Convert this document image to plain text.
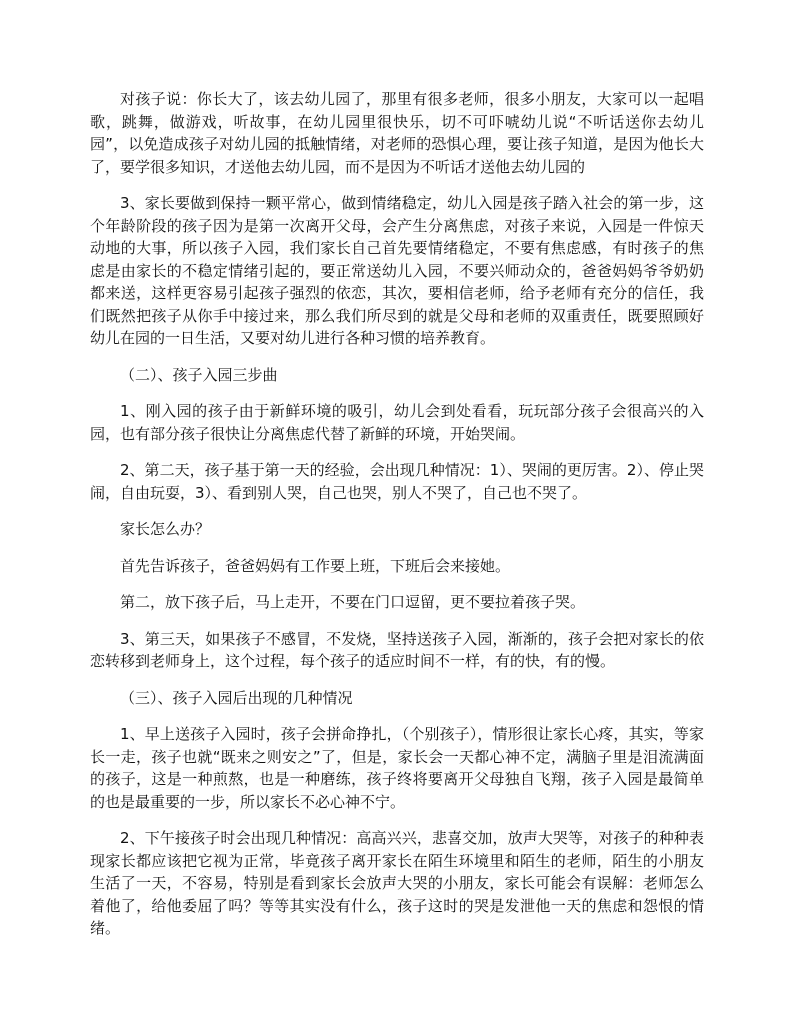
对孩子说：你长大了，该去幼儿园了，那里有很多老师，很多小朋友，大家可以一起唱歌，跳舞，做游戏，听故事，在幼儿园里很快乐，切不可吓唬幼儿说“不听话送你去幼儿园”，以免造成孩子对幼儿园的抵触情绪，对老师的恐惧心理，要让孩子知道，是因为他长大了，要学很多知识，才送他去幼儿园，而不是因为不听话才送他去幼儿园的

3、家长要做到保持一颗平常心，做到情绪稳定，幼儿入园是孩子踏入社会的第一步，这个年龄阶段的孩子因为是第一次离开父母，会产生分离焦虑，对孩子来说，入园是一件惊天动地的大事，所以孩子入园，我们家长自己首先要情绪稳定，不要有焦虑感，有时孩子的焦虑是由家长的不稳定情绪引起的，要正常送幼儿入园，不要兴师动众的，爸爸妈妈爷爷奶奶都来送，这样更容易引起孩子强烈的依恋，其次，要相信老师，给予老师有充分的信任，我们既然把孩子从你手中接过来，那么我们所尽到的就是父母和老师的双重责任，既要照顾好幼儿在园的一日生活，又要对幼儿进行各种习惯的培养教育。

（二）、孩子入园三步曲

1、刚入园的孩子由于新鲜环境的吸引，幼儿会到处看看，玩玩部分孩子会很高兴的入园，也有部分孩子很快让分离焦虑代替了新鲜的环境，开始哭闹。

2、第二天，孩子基于第一天的经验，会出现几种情况：1）、哭闹的更厉害。2）、停止哭闹，自由玩耍，3）、看到别人哭，自己也哭，别人不哭了，自己也不哭了。

家长怎么办？

首先告诉孩子，爸爸妈妈有工作要上班，下班后会来接她。

第二，放下孩子后，马上走开，不要在门口逗留，更不要拉着孩子哭。

3、第三天，如果孩子不感冒，不发烧，坚持送孩子入园，渐渐的，孩子会把对家长的依恋转移到老师身上，这个过程，每个孩子的适应时间不一样，有的快，有的慢。

（三）、孩子入园后出现的几种情况

1、早上送孩子入园时，孩子会拼命挣扎，（个别孩子），情形很让家长心疼，其实，等家长一走，孩子也就“既来之则安之”了，但是，家长会一天都心神不定，满脑子里是泪流满面的孩子，这是一种煎熬，也是一种磨练，孩子终将要离开父母独自飞翔，孩子入园是最简单的也是最重要的一步，所以家长不必心神不宁。

2、下午接孩子时会出现几种情况：高高兴兴，悲喜交加，放声大哭等，对孩子的种种表现家长都应该把它视为正常，毕竟孩子离开家长在陌生环境里和陌生的老师，陌生的小朋友生活了一天，不容易，特别是看到家长会放声大哭的小朋友，家长可能会有误解：老师怎么着他了，给他委屈了吗？等等其实没有什么，孩子这时的哭是发泄他一天的焦虑和怨恨的情绪。
